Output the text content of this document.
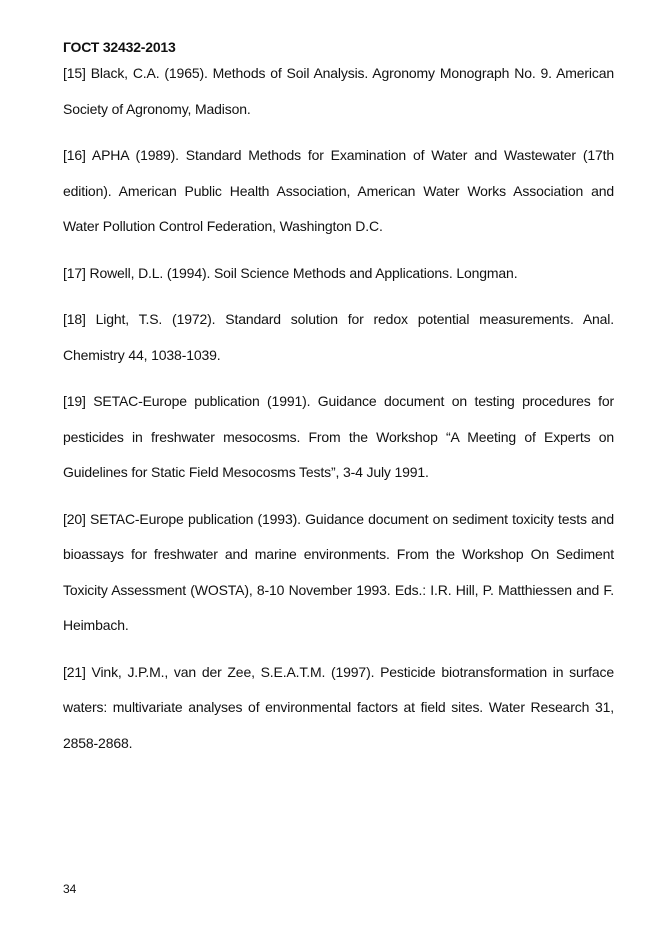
ГОСТ 32432-2013
[15] Black, C.A. (1965). Methods of Soil Analysis. Agronomy Monograph No. 9. American Society of Agronomy, Madison.
[16] APHA (1989). Standard Methods for Examination of Water and Wastewater (17th edition). American Public Health Association, American Water Works Association and Water Pollution Control Federation, Washington D.C.
[17] Rowell, D.L. (1994). Soil Science Methods and Applications. Longman.
[18] Light, T.S. (1972). Standard solution for redox potential measurements. Anal. Chemistry 44, 1038-1039.
[19] SETAC-Europe publication (1991). Guidance document on testing procedures for pesticides in freshwater mesocosms. From the Workshop “A Meeting of Experts on Guidelines for Static Field Mesocosms Tests”, 3-4 July 1991.
[20] SETAC-Europe publication (1993). Guidance document on sediment toxicity tests and bioassays for freshwater and marine environments. From the Workshop On Sediment Toxicity Assessment (WOSTA), 8-10 November 1993. Eds.: I.R. Hill, P. Matthiessen and F. Heimbach.
[21] Vink, J.P.M., van der Zee, S.E.A.T.M. (1997). Pesticide biotransformation in surface waters: multivariate analyses of environmental factors at field sites. Water Research 31, 2858-2868.
34
